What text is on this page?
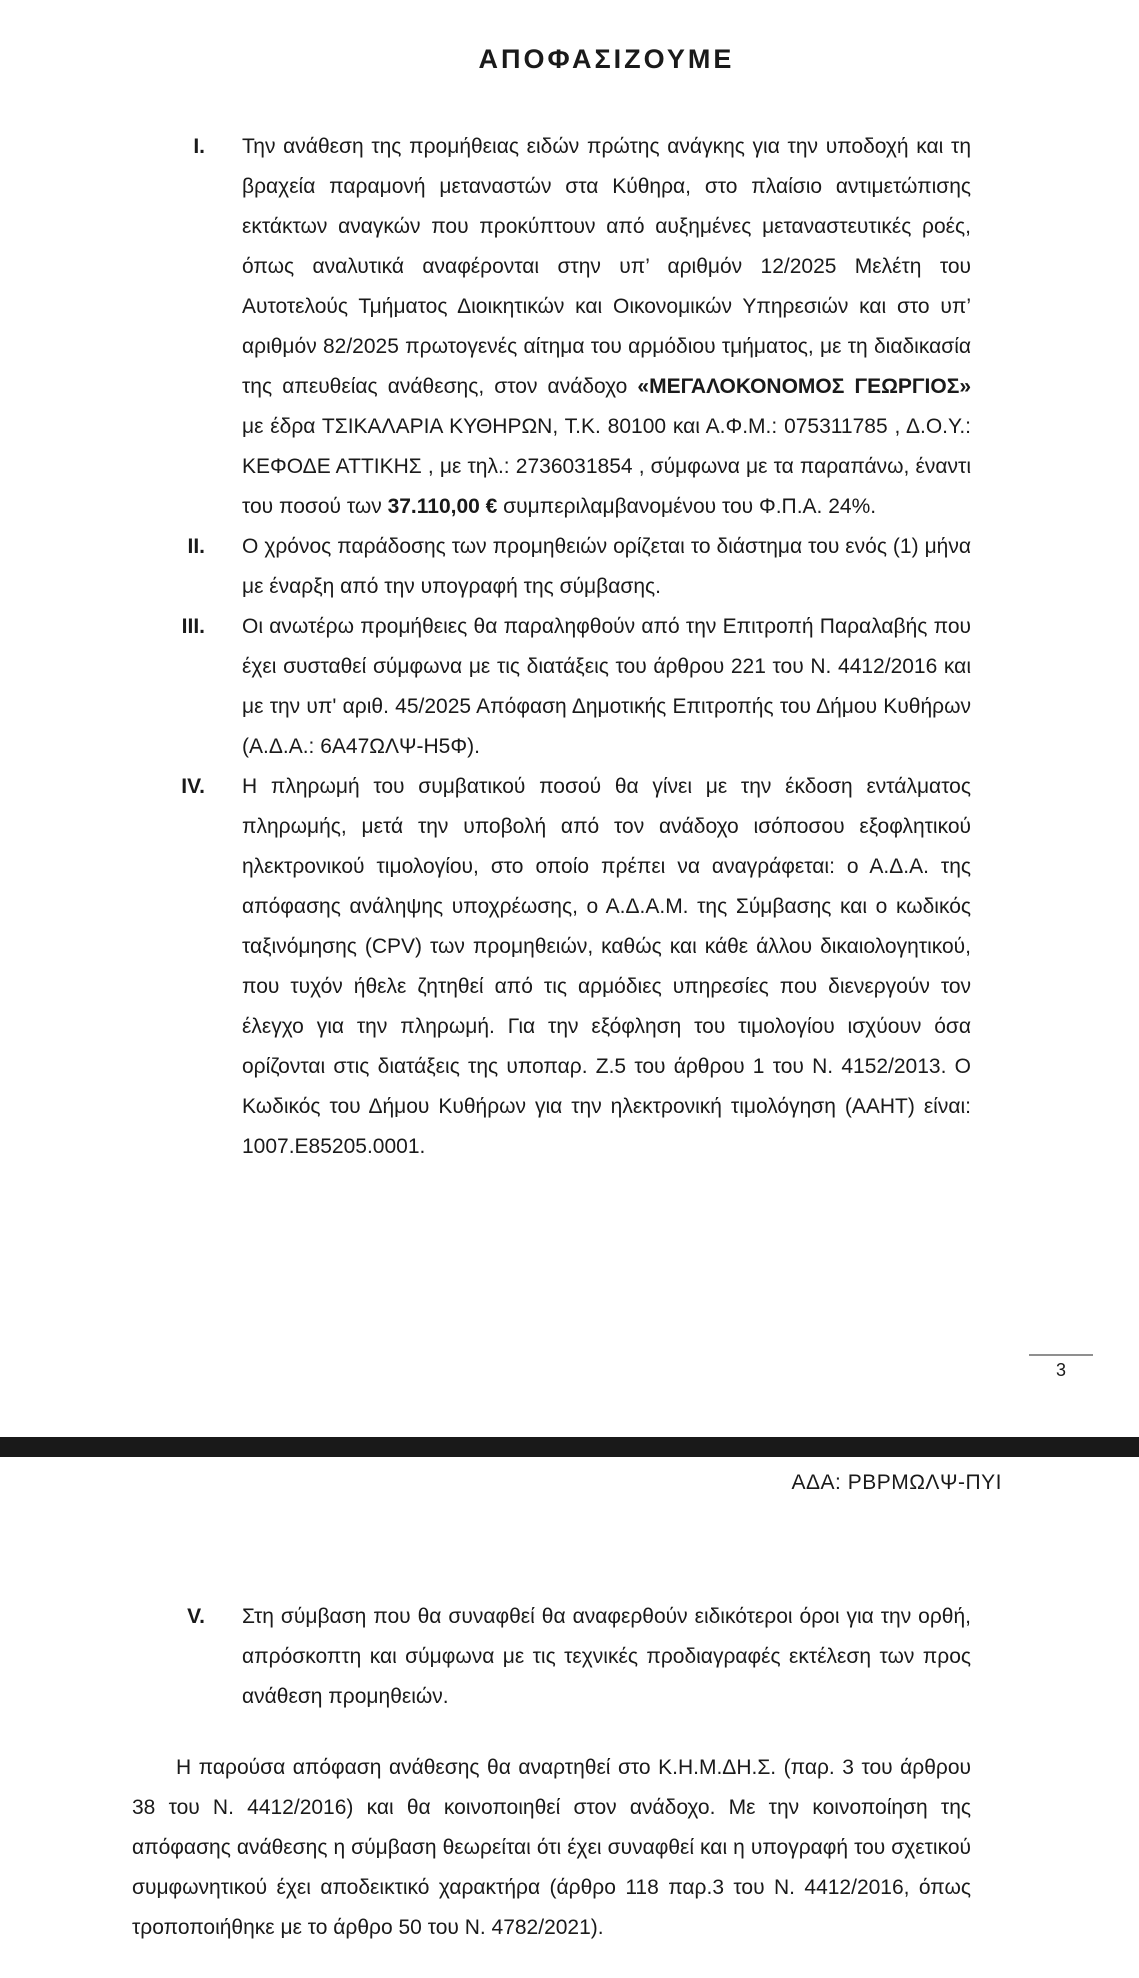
ΑΠΟΦΑΣΙΖΟΥΜΕ
I. Την ανάθεση της προμήθειας ειδών πρώτης ανάγκης για την υποδοχή και τη βραχεία παραμονή μεταναστών στα Κύθηρα, στο πλαίσιο αντιμετώπισης εκτάκτων αναγκών που προκύπτουν από αυξημένες μεταναστευτικές ροές, όπως αναλυτικά αναφέρονται στην υπ’ αριθμόν 12/2025 Μελέτη του Αυτοτελούς Τμήματος Διοικητικών και Οικονομικών Υπηρεσιών και στο υπ’ αριθμόν 82/2025 πρωτογενές αίτημα του αρμόδιου τμήματος, με τη διαδικασία της απευθείας ανάθεσης, στον ανάδοχο «ΜΕΓΑΛΟΚΟΝΟΜΟΣ ΓΕΩΡΓΙΟΣ» με έδρα ΤΣΙΚΑΛΑΡΙΑ ΚΥΘΗΡΩΝ, Τ.Κ. 80100 και Α.Φ.Μ.: 075311785 , Δ.Ο.Υ.: ΚΕΦΟΔΕ ΑΤΤΙΚΗΣ , με τηλ.: 2736031854 , σύμφωνα με τα παραπάνω, έναντι του ποσού των 37.110,00 € συμπεριλαμβανομένου του Φ.Π.Α. 24%.
II. Ο χρόνος παράδοσης των προμηθειών ορίζεται το διάστημα του ενός (1) μήνα με έναρξη από την υπογραφή της σύμβασης.
III. Οι ανωτέρω προμήθειες θα παραληφθούν από την Επιτροπή Παραλαβής που έχει συσταθεί σύμφωνα με τις διατάξεις του άρθρου 221 του Ν. 4412/2016 και με την υπ' αριθ. 45/2025 Απόφαση Δημοτικής Επιτροπής του Δήμου Κυθήρων (Α.Δ.Α.: 6Α47ΩΛΨ-Η5Φ).
IV. Η πληρωμή του συμβατικού ποσού θα γίνει με την έκδοση εντάλματος πληρωμής, μετά την υποβολή από τον ανάδοχο ισόποσου εξοφλητικού ηλεκτρονικού τιμολογίου, στο οποίο πρέπει να αναγράφεται: ο Α.Δ.Α. της απόφασης ανάληψης υποχρέωσης, ο Α.Δ.Α.Μ. της Σύμβασης και ο κωδικός ταξινόμησης (CPV) των προμηθειών, καθώς και κάθε άλλου δικαιολογητικού, που τυχόν ήθελε ζητηθεί από τις αρμόδιες υπηρεσίες που διενεργούν τον έλεγχο για την πληρωμή. Για την εξόφληση του τιμολογίου ισχύουν όσα ορίζονται στις διατάξεις της υποπαρ. Ζ.5 του άρθρου 1 του Ν. 4152/2013. Ο Κωδικός του Δήμου Κυθήρων για την ηλεκτρονική τιμολόγηση (ΑΑΗΤ) είναι: 1007.Ε85205.0001.
3
ΑΔΑ: ΡΒΡΜΩΛΨ-ΠΥΙ
V. Στη σύμβαση που θα συναφθεί θα αναφερθούν ειδικότεροι όροι για την ορθή, απρόσκοπτη και σύμφωνα με τις τεχνικές προδιαγραφές εκτέλεση των προς ανάθεση προμηθειών.
Η παρούσα απόφαση ανάθεσης θα αναρτηθεί στο Κ.Η.Μ.ΔΗ.Σ. (παρ. 3 του άρθρου 38 του Ν. 4412/2016) και θα κοινοποιηθεί στον ανάδοχο. Με την κοινοποίηση της απόφασης ανάθεσης η σύμβαση θεωρείται ότι έχει συναφθεί και η υπογραφή του σχετικού συμφωνητικού έχει αποδεικτικό χαρακτήρα (άρθρο 118 παρ.3 του Ν. 4412/2016, όπως τροποποιήθηκε με το άρθρο 50 του Ν. 4782/2021).
